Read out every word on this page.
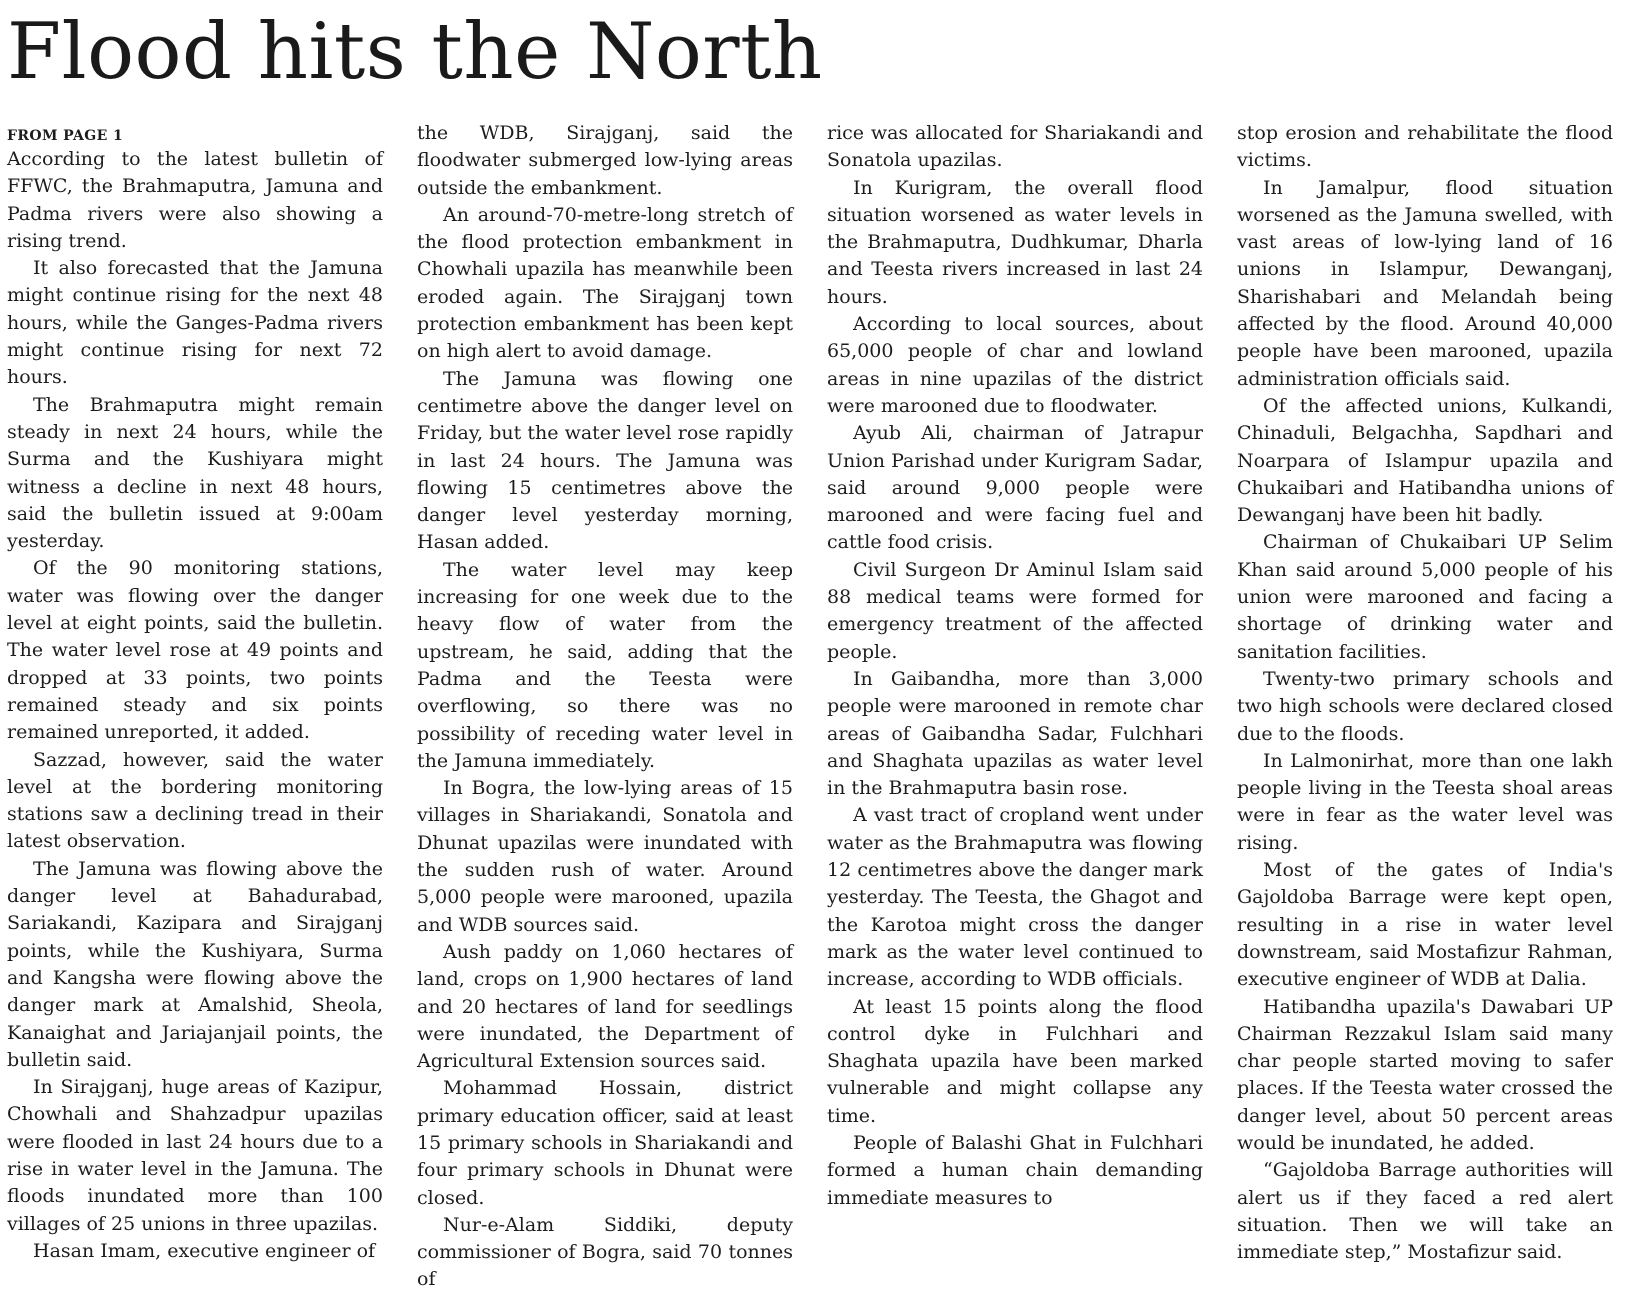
Flood hits the North
FROM PAGE 1

According to the latest bulletin of FFWC, the Brahmaputra, Jamuna and Padma rivers were also showing a rising trend.

It also forecasted that the Jamuna might continue rising for the next 48 hours, while the Ganges-Padma rivers might continue rising for next 72 hours.

The Brahmaputra might remain steady in next 24 hours, while the Surma and the Kushiyara might witness a decline in next 48 hours, said the bulletin issued at 9:00am yesterday.

Of the 90 monitoring stations, water was flowing over the danger level at eight points, said the bulletin. The water level rose at 49 points and dropped at 33 points, two points remained steady and six points remained unreported, it added.

Sazzad, however, said the water level at the bordering monitoring stations saw a declining tread in their latest observation.

The Jamuna was flowing above the danger level at Bahadurabad, Sariakandi, Kazipara and Sirajganj points, while the Kushiyara, Surma and Kangsha were flowing above the danger mark at Amalshid, Sheola, Kanaighat and Jariajanjail points, the bulletin said.

In Sirajganj, huge areas of Kazipur, Chowhali and Shahzadpur upazilas were flooded in last 24 hours due to a rise in water level in the Jamuna. The floods inundated more than 100 villages of 25 unions in three upazilas.

Hasan Imam, executive engineer of

the WDB, Sirajganj, said the floodwater submerged low-lying areas outside the embankment.

An around-70-metre-long stretch of the flood protection embankment in Chowhali upazila has meanwhile been eroded again. The Sirajganj town protection embankment has been kept on high alert to avoid damage.

The Jamuna was flowing one centimetre above the danger level on Friday, but the water level rose rapidly in last 24 hours. The Jamuna was flowing 15 centimetres above the danger level yesterday morning, Hasan added.

The water level may keep increasing for one week due to the heavy flow of water from the upstream, he said, adding that the Padma and the Teesta were overflowing, so there was no possibility of receding water level in the Jamuna immediately.

In Bogra, the low-lying areas of 15 villages in Shariakandi, Sonatola and Dhunat upazilas were inundated with the sudden rush of water. Around 5,000 people were marooned, upazila and WDB sources said.

Aush paddy on 1,060 hectares of land, crops on 1,900 hectares of land and 20 hectares of land for seedlings were inundated, the Department of Agricultural Extension sources said.

Mohammad Hossain, district primary education officer, said at least 15 primary schools in Shariakandi and four primary schools in Dhunat were closed.

Nur-e-Alam Siddiki, deputy commissioner of Bogra, said 70 tonnes of

rice was allocated for Shariakandi and Sonatola upazilas.

In Kurigram, the overall flood situation worsened as water levels in the Brahmaputra, Dudhkumar, Dharla and Teesta rivers increased in last 24 hours.

According to local sources, about 65,000 people of char and lowland areas in nine upazilas of the district were marooned due to floodwater.

Ayub Ali, chairman of Jatrapur Union Parishad under Kurigram Sadar, said around 9,000 people were marooned and were facing fuel and cattle food crisis.

Civil Surgeon Dr Aminul Islam said 88 medical teams were formed for emergency treatment of the affected people.

In Gaibandha, more than 3,000 people were marooned in remote char areas of Gaibandha Sadar, Fulchhari and Shaghata upazilas as water level in the Brahmaputra basin rose.

A vast tract of cropland went under water as the Brahmaputra was flowing 12 centimetres above the danger mark yesterday. The Teesta, the Ghagot and the Karotoa might cross the danger mark as the water level continued to increase, according to WDB officials.

At least 15 points along the flood control dyke in Fulchhari and Shaghata upazila have been marked vulnerable and might collapse any time.

People of Balashi Ghat in Fulchhari formed a human chain demanding immediate measures to

stop erosion and rehabilitate the flood victims.

In Jamalpur, flood situation worsened as the Jamuna swelled, with vast areas of low-lying land of 16 unions in Islampur, Dewanganj, Sharishabari and Melandah being affected by the flood. Around 40,000 people have been marooned, upazila administration officials said.

Of the affected unions, Kulkandi, Chinaduli, Belgachha, Sapdhari and Noarpara of Islampur upazila and Chukaibari and Hatibandha unions of Dewanganj have been hit badly.

Chairman of Chukaibari UP Selim Khan said around 5,000 people of his union were marooned and facing a shortage of drinking water and sanitation facilities.

Twenty-two primary schools and two high schools were declared closed due to the floods.

In Lalmonirhat, more than one lakh people living in the Teesta shoal areas were in fear as the water level was rising.

Most of the gates of India's Gajoldoba Barrage were kept open, resulting in a rise in water level downstream, said Mostafizur Rahman, executive engineer of WDB at Dalia.

Hatibandha upazila's Dawabari UP Chairman Rezzakul Islam said many char people started moving to safer places. If the Teesta water crossed the danger level, about 50 percent areas would be inundated, he added.

“Gajoldoba Barrage authorities will alert us if they faced a red alert situation. Then we will take an immediate step,” Mostafizur said.
